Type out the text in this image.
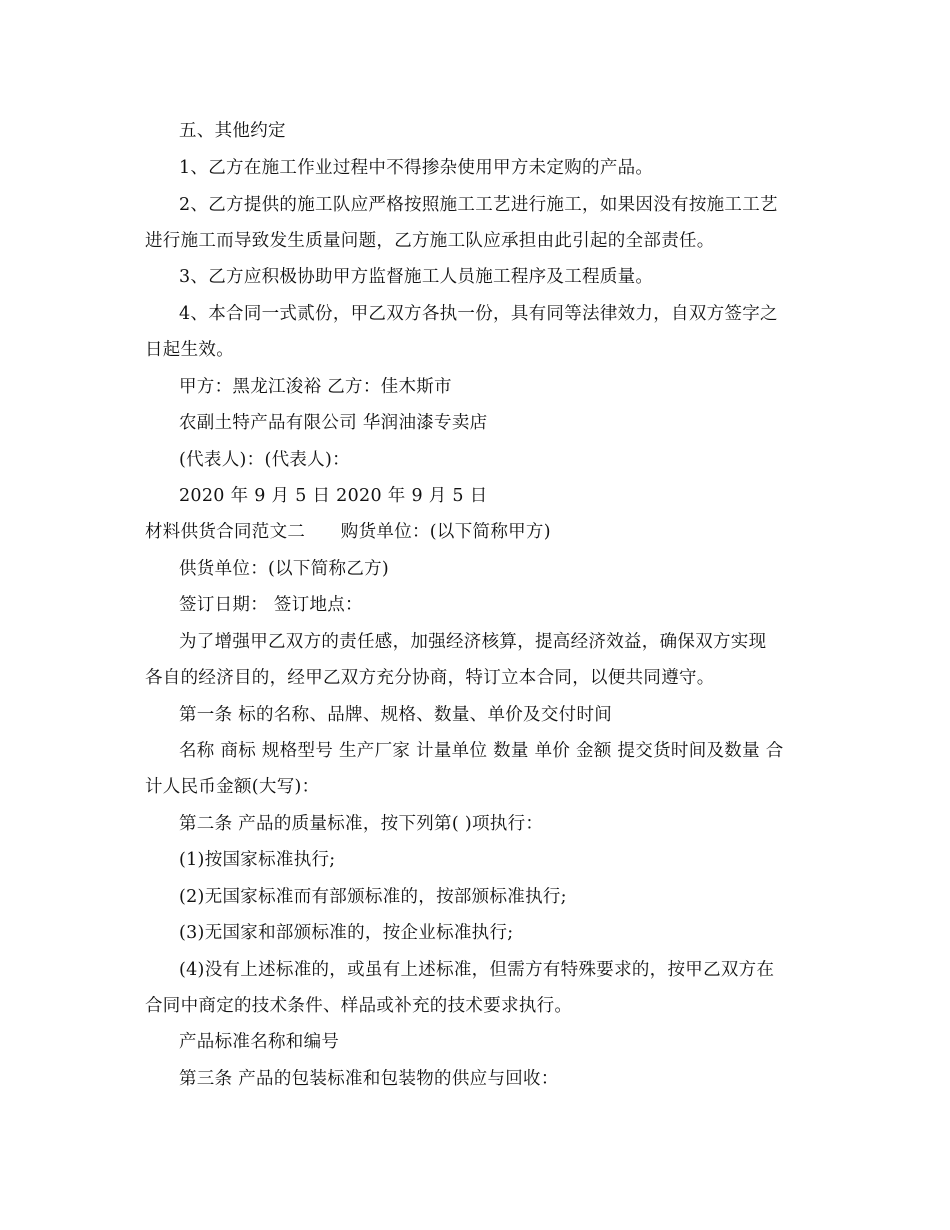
五、其他约定
1、乙方在施工作业过程中不得掺杂使用甲方未定购的产品。
2、乙方提供的施工队应严格按照施工工艺进行施工，如果因没有按施工工艺
进行施工而导致发生质量问题，乙方施工队应承担由此引起的全部责任。
3、乙方应积极协助甲方监督施工人员施工程序及工程质量。
4、本合同一式贰份，甲乙双方各执一份，具有同等法律效力，自双方签字之
日起生效。
甲方：黑龙江浚裕 乙方：佳木斯市
农副土特产品有限公司 华润油漆专卖店
(代表人)：(代表人)：
2020 年 9 月 5 日 2020 年 9 月 5 日
材料供货合同范文二　　购货单位：(以下简称甲方)
供货单位：(以下简称乙方)
签订日期： 签订地点：
为了增强甲乙双方的责任感，加强经济核算，提高经济效益，确保双方实现
各自的经济目的，经甲乙双方充分协商，特订立本合同，以便共同遵守。
第一条 标的名称、品牌、规格、数量、单价及交付时间
名称 商标 规格型号 生产厂家 计量单位 数量 单价 金额 提交货时间及数量 合
计人民币金额(大写)：
第二条 产品的质量标准，按下列第( )项执行：
(1)按国家标准执行;
(2)无国家标准而有部颁标准的，按部颁标准执行;
(3)无国家和部颁标准的，按企业标准执行;
(4)没有上述标准的，或虽有上述标准，但需方有特殊要求的，按甲乙双方在
合同中商定的技术条件、样品或补充的技术要求执行。
产品标准名称和编号
第三条 产品的包装标准和包装物的供应与回收：
